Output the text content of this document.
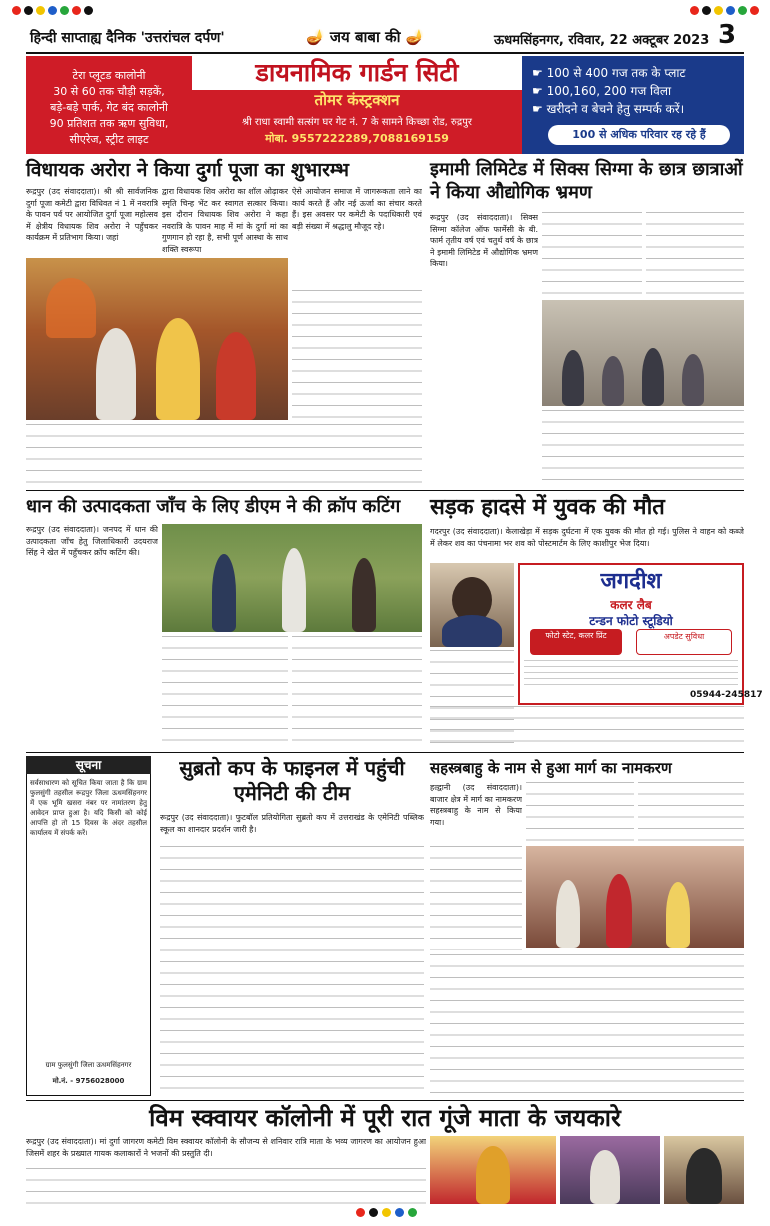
हिन्दी साप्ताह्य दैनिक 'उत्तरांचल दर्पण'	🪔 जय बाबा की 🪔	ऊधमसिंहनगर, रविवार, 22 अक्टूबर 2023 3
टेरा प्लूटड कालोनी
30 से 60 तक चौड़ी सड़कें,
बड़े-बड़े पार्क, गेट बंद कालोनी
90 प्रतिशत तक ऋण सुविधा,
सीएरेज, स्ट्रीट लाइट
डायनामिक गार्डन सिटी
तोमर कंस्ट्रक्शन
श्री राधा स्वामी सत्संग घर गेट नं. 7 के सामने किच्छा रोड, रुद्रपुर
मोबा. 9557222289,7088169159
☛ 100 से 400 गज तक के प्लाट
☛ 100,160, 200 गज विला
☛ खरीदने व बेचने हेतु सम्पर्क करें।
100 से अधिक परिवार रह रहे हैं
विधायक अरोरा ने किया दुर्गा पूजा का शुभारम्भ
रूद्रपुर (उद संवाददाता)। श्री श्री सार्वजनिक दुर्गा पूजा कमेटी द्वारा विधिवत नं 1 में नवरात्रि के पावन पर्व पर आयोजित दुर्गा पूजा महोत्सव में क्षेत्रीय विधायक शिव अरोरा ने पहुँचकर कार्यक्रम में प्रतिभाग किया। जहां
द्वारा विधायक शिव अरोरा का शॉल ओढ़ाकर स्मृति चिन्ह भेंट कर स्वागत सत्कार किया। इस दौरान विधायक शिव अरोरा ने कहा नवरात्रि के पावन माह में मां के दुर्गा मां का गुणगान हो रहा है, सभी पूर्ण आस्था के साथ शक्ति स्वरूपा
ऐसे आयोजन समाज में जागरूकता लाने का कार्य करते हैं और नई ऊर्जा का संचार करते हैं। इस अवसर पर कमेटी के पदाधिकारी एवं बड़ी संख्या में श्रद्धालु मौजूद रहे।
इमामी लिमिटेड में सिक्स सिग्मा के छात्र छात्राओं ने किया औद्योगिक भ्रमण
रूद्रपुर (उद संवाददाता)। सिक्स सिग्मा कॉलेज ऑफ फार्मेसी के बी. फार्म तृतीय वर्ष एवं चतुर्थ वर्ष के छात्र ने इमामी लिमिटेड में औद्योगिक भ्रमण किया।
धान की उत्पादकता जाँच के लिए डीएम ने की क्रॉप कटिंग
रूद्रपुर (उद संवाददाता)। जनपद में धान की उत्पादकता जाँच हेतु जिलाधिकारी उदयराज सिंह ने खेत में पहुँचकर क्रॉप कटिंग की।
सड़क हादसे में युवक की मौत
गदरपुर (उद संवाददाता)। केलाखेड़ा में सड़क दुर्घटना में एक युवक की मौत हो गई। पुलिस ने वाहन को कब्जे में लेकर शव का पंचनामा भर शव को पोस्टमार्टम के लिए काशीपुर भेज दिया।
जगदीश
कलर लैब
टन्डन फोटो स्टूडियो
फोटो स्टेट, कलर प्रिंट	अपडेट सुविधा
05944-245817
सूचना
सर्वसाधारण को सूचित किया जाता है कि ग्राम फुलसुंगी तहसील रूद्रपुर जिला ऊधमसिंहनगर में एक भूमि खसरा नंबर पर नामांतरण हेतु आवेदन प्राप्त हुआ है। यदि किसी को कोई आपत्ति हो तो 15 दिवस के अंदर तहसील कार्यालय में संपर्क करें।
ग्राम फुलसुंगी जिला ऊधमसिंहनगर
मो.नं. - 9756028000
सुब्रतो कप के फाइनल में पहुंची एमेनिटी की टीम
रूद्रपुर (उद संवाददाता)। फुटबॉल प्रतियोगिता सुब्रतो कप में उत्तराखंड के एमेनिटी पब्लिक स्कूल का शानदार प्रदर्शन जारी है।
सहस्त्रबाहु के नाम से हुआ मार्ग का नामकरण
हल्द्वानी (उद संवाददाता)। बाजार क्षेत्र में मार्ग का नामकरण सहस्त्रबाहु के नाम से किया गया।
विम स्क्वायर कॉलोनी में पूरी रात गूंजे माता के जयकारे
रूद्रपुर (उद संवाददाता)। मां दुर्गा जागरण कमेटी विम स्क्वायर कॉलोनी के सौजन्य से शनिवार रात्रि माता के भव्य जागरण का आयोजन हुआ जिसमें शहर के प्रख्यात गायक कलाकारों ने भजनों की प्रस्तुति दी।
